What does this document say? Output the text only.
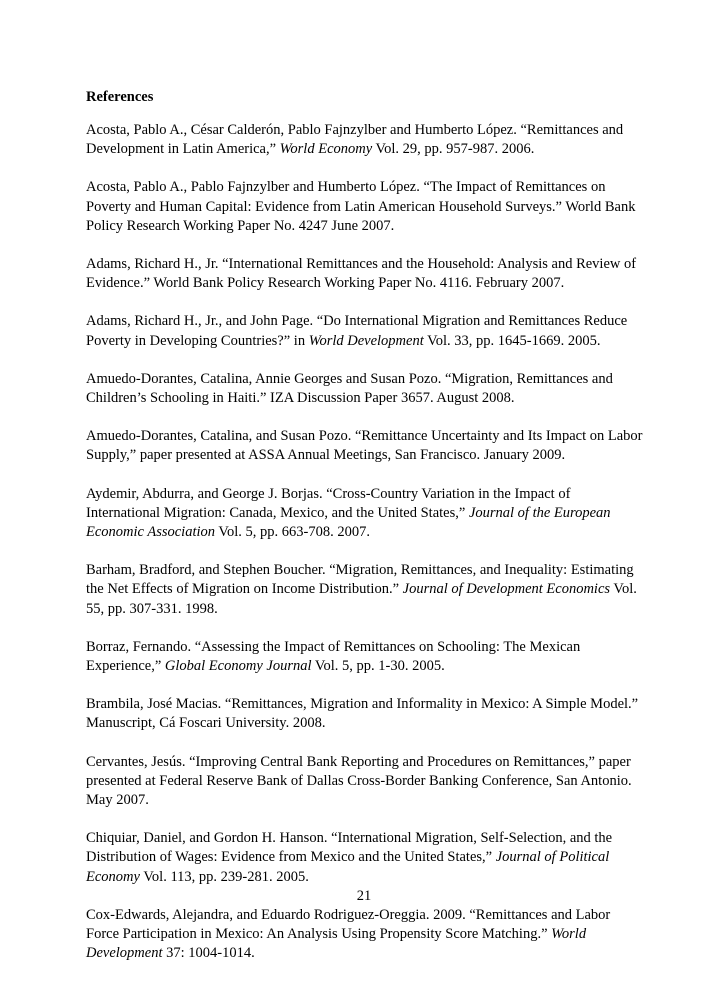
References
Acosta, Pablo A., César Calderón, Pablo Fajnzylber and Humberto López. “Remittances and Development in Latin America,” World Economy Vol. 29, pp. 957-987. 2006.
Acosta, Pablo A., Pablo Fajnzylber and Humberto López. “The Impact of Remittances on Poverty and Human Capital: Evidence from Latin American Household Surveys.” World Bank Policy Research Working Paper No. 4247 June 2007.
Adams, Richard H., Jr. “International Remittances and the Household: Analysis and Review of Evidence.” World Bank Policy Research Working Paper No. 4116. February 2007.
Adams, Richard H., Jr., and John Page. “Do International Migration and Remittances Reduce Poverty in Developing Countries?” in World Development Vol. 33, pp. 1645-1669. 2005.
Amuedo-Dorantes, Catalina, Annie Georges and Susan Pozo. “Migration, Remittances and Children’s Schooling in Haiti.” IZA Discussion Paper 3657. August 2008.
Amuedo-Dorantes, Catalina, and Susan Pozo. “Remittance Uncertainty and Its Impact on Labor Supply,” paper presented at ASSA Annual Meetings, San Francisco. January 2009.
Aydemir, Abdurra, and George J. Borjas. “Cross-Country Variation in the Impact of International Migration: Canada, Mexico, and the United States,” Journal of the European Economic Association Vol. 5, pp. 663-708. 2007.
Barham, Bradford, and Stephen Boucher. “Migration, Remittances, and Inequality: Estimating the Net Effects of Migration on Income Distribution.” Journal of Development Economics Vol. 55, pp. 307-331. 1998.
Borraz, Fernando. “Assessing the Impact of Remittances on Schooling: The Mexican Experience,” Global Economy Journal Vol. 5, pp. 1-30. 2005.
Brambila, José Macias. “Remittances, Migration and Informality in Mexico: A Simple Model.” Manuscript, Cá Foscari University. 2008.
Cervantes, Jesús. “Improving Central Bank Reporting and Procedures on Remittances,” paper presented at Federal Reserve Bank of Dallas Cross-Border Banking Conference, San Antonio. May 2007.
Chiquiar, Daniel, and Gordon H. Hanson. “International Migration, Self-Selection, and the Distribution of Wages: Evidence from Mexico and the United States,” Journal of Political Economy Vol. 113, pp. 239-281. 2005.
Cox-Edwards, Alejandra, and Eduardo Rodriguez-Oreggia. 2009. “Remittances and Labor Force Participation in Mexico: An Analysis Using Propensity Score Matching.” World Development 37: 1004-1014.
21
